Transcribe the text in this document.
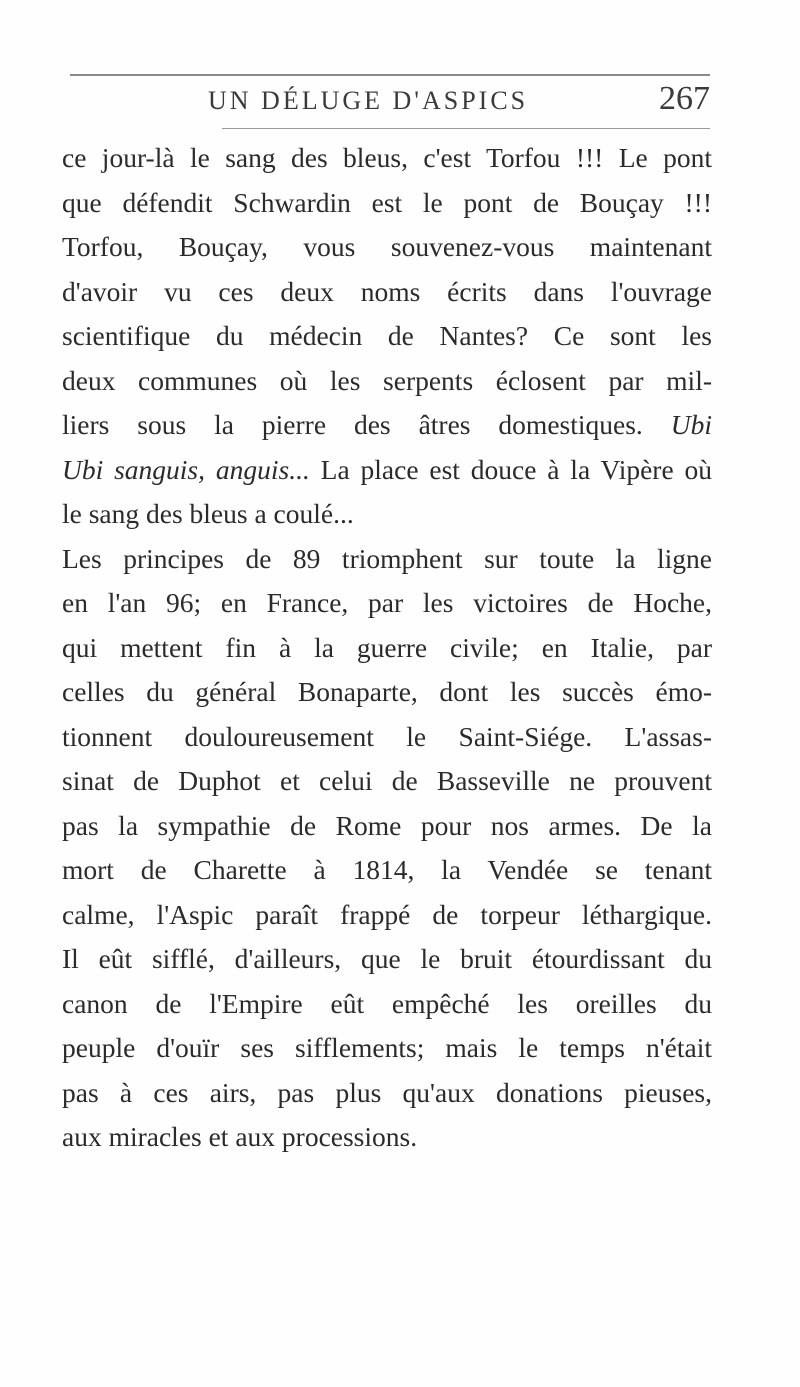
UN DÉLUGE D'ASPICS	267
ce jour-là le sang des bleus, c'est Torfou !!! Le pont
que défendit Schwardin est le pont de Bouçay !!!
Torfou, Bouçay, vous souvenez-vous maintenant
d'avoir vu ces deux noms écrits dans l'ouvrage
scientifique du médecin de Nantes? Ce sont les
deux communes où les serpents éclosent par mil-
liers sous la pierre des âtres domestiques. Ubi
Ubi sanguis, anguis... La place est douce à la Vipère où
le sang des bleus a coulé...
Les principes de 89 triomphent sur toute la ligne
en l'an 96; en France, par les victoires de Hoche,
qui mettent fin à la guerre civile; en Italie, par
celles du général Bonaparte, dont les succès émo-
tionnent douloureusement le Saint-Siége. L'assas-
sinat de Duphot et celui de Basseville ne prouvent
pas la sympathie de Rome pour nos armes. De la
mort de Charette à 1814, la Vendée se tenant
calme, l'Aspic paraît frappé de torpeur léthargique.
Il eût sifflé, d'ailleurs, que le bruit étourdissant du
canon de l'Empire eût empêché les oreilles du
peuple d'ouïr ses sifflements; mais le temps n'était
pas à ces airs, pas plus qu'aux donations pieuses,
aux miracles et aux processions.
